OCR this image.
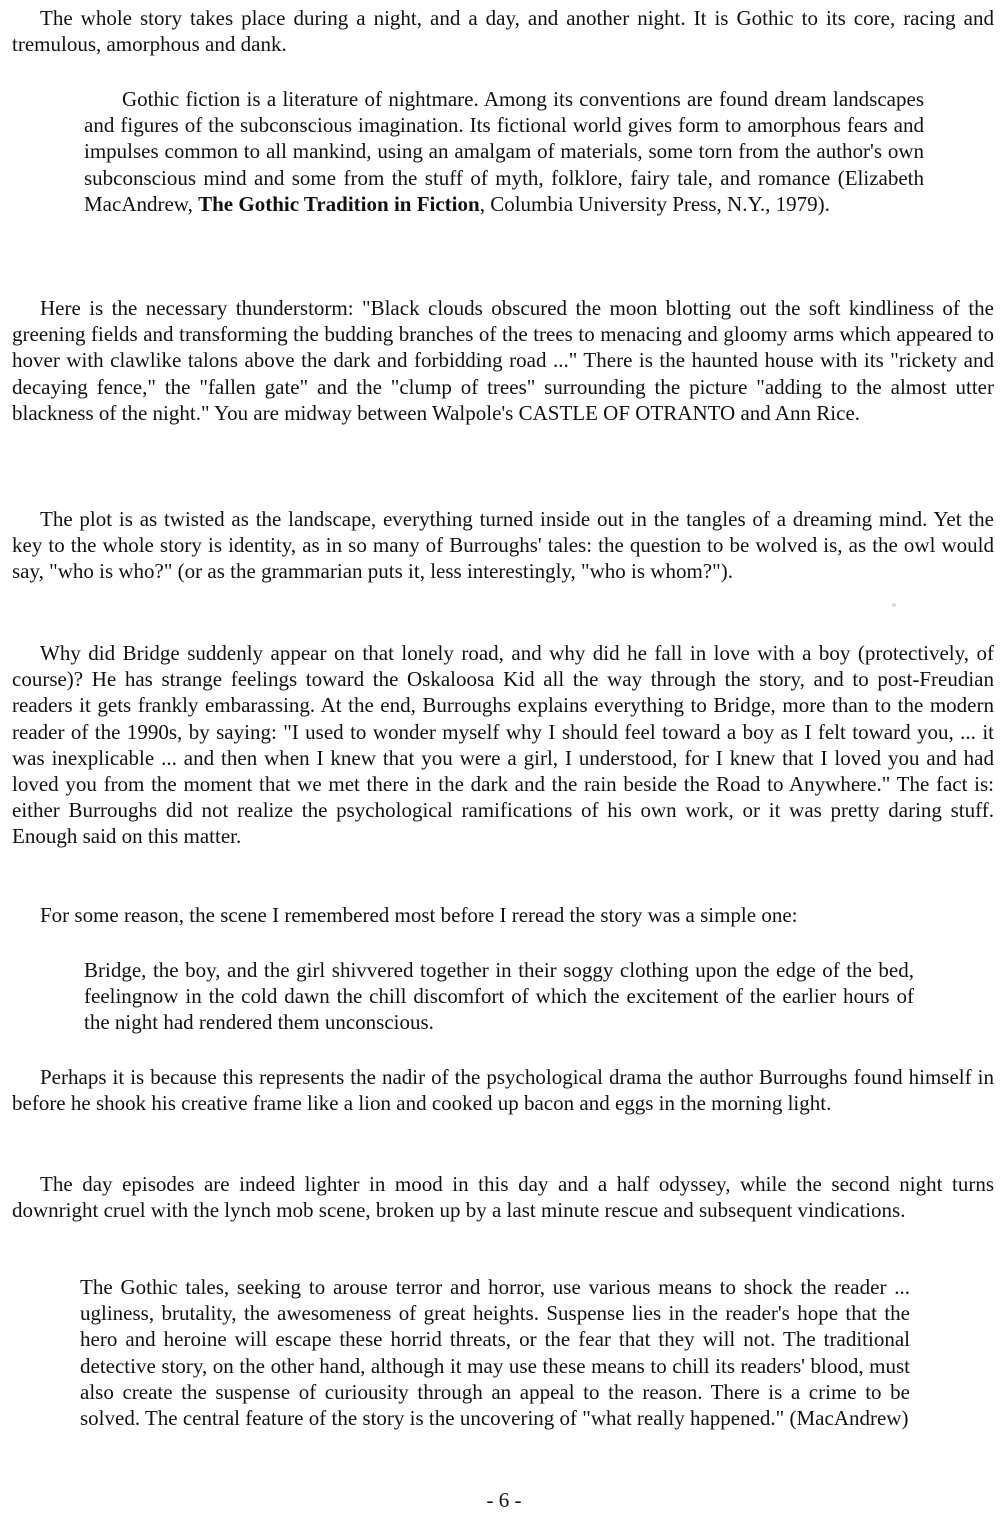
The whole story takes place during a night, and a day, and another night. It is Gothic to its core, racing and tremulous, amorphous and dank.

Gothic fiction is a literature of nightmare. Among its conventions are found dream landscapes and figures of the subconscious imagination. Its fictional world gives form to amorphous fears and impulses common to all mankind, using an amalgam of materials, some torn from the author's own subconscious mind and some from the stuff of myth, folklore, fairy tale, and romance (Elizabeth MacAndrew, The Gothic Tradition in Fiction, Columbia University Press, N.Y., 1979).

Here is the necessary thunderstorm: "Black clouds obscured the moon blotting out the soft kindliness of the greening fields and transforming the budding branches of the trees to menacing and gloomy arms which appeared to hover with clawlike talons above the dark and forbidding road ..." There is the haunted house with its "rickety and decaying fence," the "fallen gate" and the "clump of trees" surrounding the picture "adding to the almost utter blackness of the night." You are midway between Walpole's CASTLE OF OTRANTO and Ann Rice.

The plot is as twisted as the landscape, everything turned inside out in the tangles of a dreaming mind. Yet the key to the whole story is identity, as in so many of Burroughs' tales: the question to be wolved is, as the owl would say, "who is who?" (or as the grammarian puts it, less interestingly, "who is whom?").

Why did Bridge suddenly appear on that lonely road, and why did he fall in love with a boy (protectively, of course)? He has strange feelings toward the Oskaloosa Kid all the way through the story, and to post-Freudian readers it gets frankly embarassing. At the end, Burroughs explains everything to Bridge, more than to the modern reader of the 1990s, by saying: "I used to wonder myself why I should feel toward a boy as I felt toward you, ... it was inexplicable ... and then when I knew that you were a girl, I understood, for I knew that I loved you and had loved you from the moment that we met there in the dark and the rain beside the Road to Anywhere." The fact is: either Burroughs did not realize the psychological ramifications of his own work, or it was pretty daring stuff. Enough said on this matter.

For some reason, the scene I remembered most before I reread the story was a simple one:

Bridge, the boy, and the girl shivvered together in their soggy clothing upon the edge of the bed, feelingnow in the cold dawn the chill discomfort of which the excitement of the earlier hours of the night had rendered them unconscious.

Perhaps it is because this represents the nadir of the psychological drama the author Burroughs found himself in before he shook his creative frame like a lion and cooked up bacon and eggs in the morning light.

The day episodes are indeed lighter in mood in this day and a half odyssey, while the second night turns downright cruel with the lynch mob scene, broken up by a last minute rescue and subsequent vindications.

The Gothic tales, seeking to arouse terror and horror, use various means to shock the reader ... ugliness, brutality, the awesomeness of great heights. Suspense lies in the reader's hope that the hero and heroine will escape these horrid threats, or the fear that they will not. The traditional detective story, on the other hand, although it may use these means to chill its readers' blood, must also create the suspense of curiousity through an appeal to the reason. There is a crime to be solved. The central feature of the story is the uncovering of "what really happened." (MacAndrew)

- 6 -
